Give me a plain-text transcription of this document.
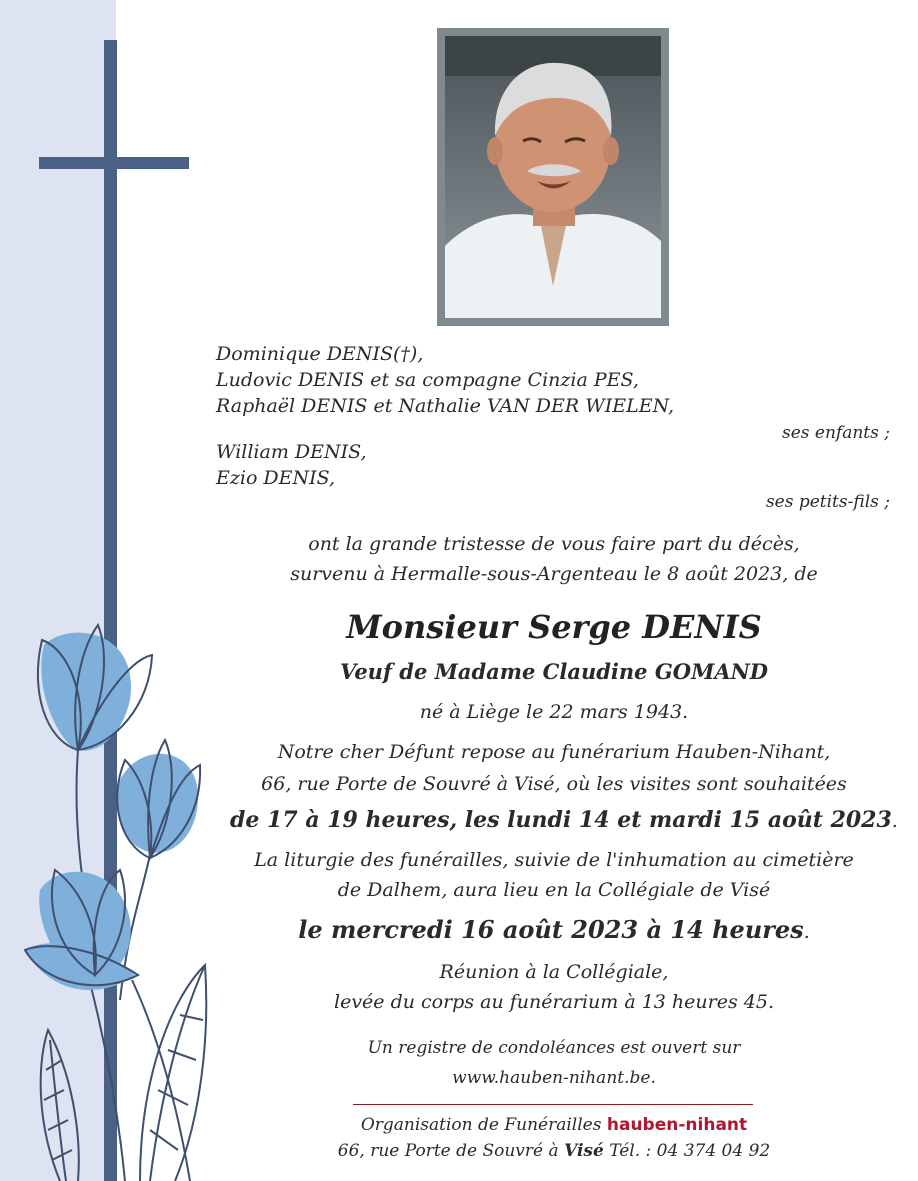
Dominique DENIS(†),
Ludovic DENIS et sa compagne Cinzia PES,
Raphaël DENIS et Nathalie VAN DER WIELEN,
ses enfants ;
William DENIS,
Ezio DENIS,
ses petits-fils ;
ont la grande tristesse de vous faire part du décès,
survenu à Hermalle-sous-Argenteau le 8 août 2023, de
Monsieur Serge DENIS
Veuf de Madame Claudine GOMAND
né à Liège le 22 mars 1943.
Notre cher Défunt repose au funérarium Hauben-Nihant,
66, rue Porte de Souvré à Visé, où les visites sont souhaitées
de 17 à 19 heures, les lundi 14 et mardi 15 août 2023.
La liturgie des funérailles, suivie de l'inhumation au cimetière
de Dalhem, aura lieu en la Collégiale de Visé
le mercredi 16 août 2023 à 14 heures.
Réunion à la Collégiale,
levée du corps au funérarium à 13 heures 45.
Un registre de condoléances est ouvert sur
www.hauben-nihant.be.
Organisation de Funérailles hauben-nihant
66, rue Porte de Souvré à Visé Tél. : 04 374 04 92
